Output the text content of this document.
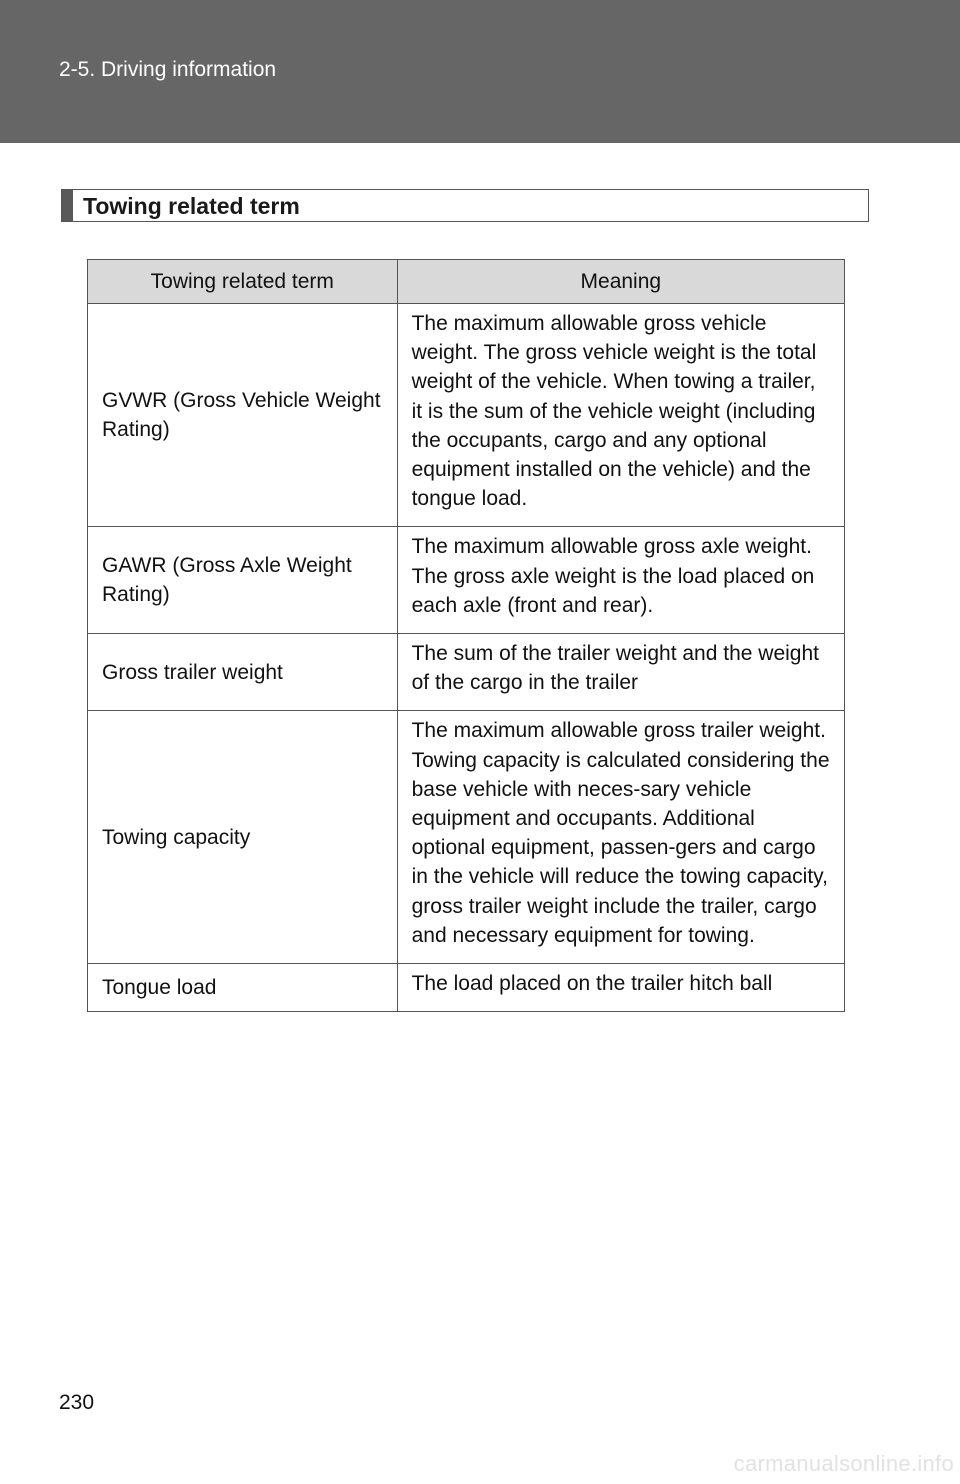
2-5. Driving information
Towing related term
Towing related term	Meaning
GVWR (Gross Vehicle Weight Rating)	The maximum allowable gross vehicle weight. The gross vehicle weight is the total weight of the vehicle. When towing a trailer, it is the sum of the vehicle weight (including the occupants, cargo and any optional equipment installed on the vehicle) and the tongue load.
GAWR (Gross Axle Weight Rating)	The maximum allowable gross axle weight. The gross axle weight is the load placed on each axle (front and rear).
Gross trailer weight	The sum of the trailer weight and the weight of the cargo in the trailer
Towing capacity	The maximum allowable gross trailer weight. Towing capacity is calculated considering the base vehicle with neces-sary vehicle equipment and occupants. Additional optional equipment, passen-gers and cargo in the vehicle will reduce the towing capacity, gross trailer weight include the trailer, cargo and necessary equipment for towing.
Tongue load	The load placed on the trailer hitch ball
230
carmanualsonline.info
